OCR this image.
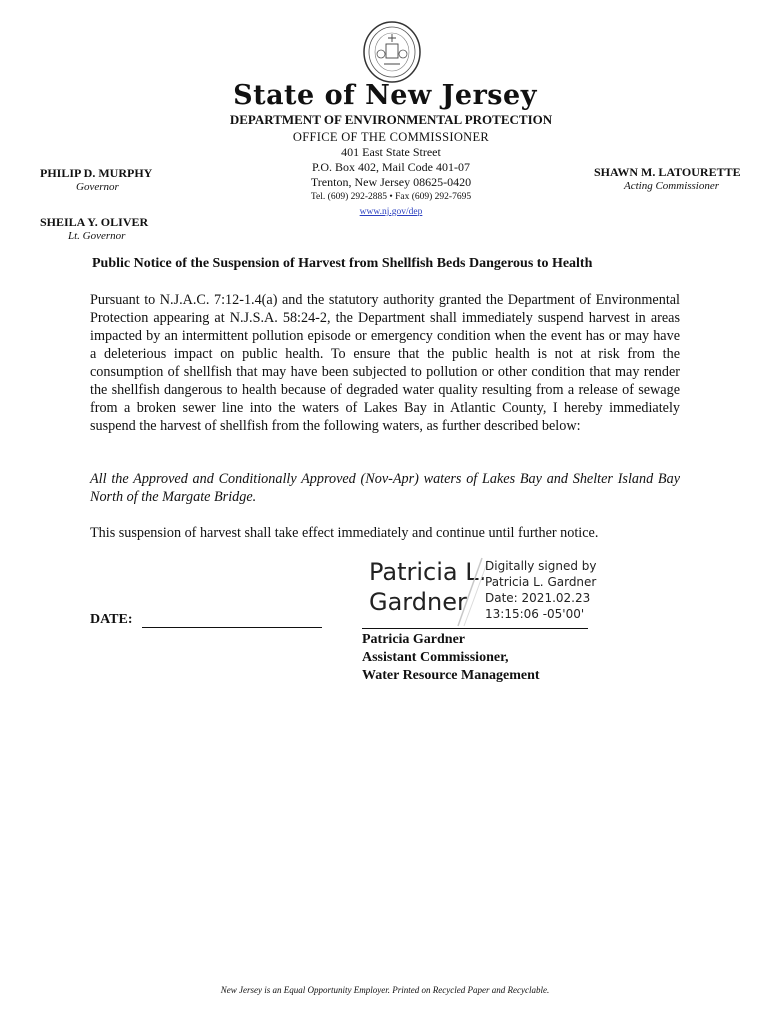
State of New Jersey
DEPARTMENT OF ENVIRONMENTAL PROTECTION
OFFICE OF THE COMMISSIONER
401 East State Street
P.O. Box 402, Mail Code 401-07
Trenton, New Jersey 08625-0420
Tel. (609) 292-2885 • Fax (609) 292-7695
www.nj.gov/dep
PHILIP D. MURPHY
Governor
SHEILA Y. OLIVER
Lt. Governor
SHAWN M. LATOURETTE
Acting Commissioner
Public Notice of the Suspension of Harvest from Shellfish Beds Dangerous to Health
Pursuant to N.J.A.C. 7:12-1.4(a) and the statutory authority granted the Department of Environmental Protection appearing at N.J.S.A. 58:24-2, the Department shall immediately suspend harvest in areas impacted by an intermittent pollution episode or emergency condition when the event has or may have a deleterious impact on public health. To ensure that the public health is not at risk from the consumption of shellfish that may have been subjected to pollution or other condition that may render the shellfish dangerous to health because of degraded water quality resulting from a release of sewage from a broken sewer line into the waters of Lakes Bay in Atlantic County, I hereby immediately suspend the harvest of shellfish from the following waters, as further described below:
All the Approved and Conditionally Approved (Nov-Apr) waters of Lakes Bay and Shelter Island Bay North of the Margate Bridge.
This suspension of harvest shall take effect immediately and continue until further notice.
Patricia L.
Gardner
Digitally signed by
Patricia L. Gardner
Date: 2021.02.23
13:15:06 -05'00'
Patricia Gardner
Assistant Commissioner,
Water Resource Management
DATE:
New Jersey is an Equal Opportunity Employer. Printed on Recycled Paper and Recyclable.
